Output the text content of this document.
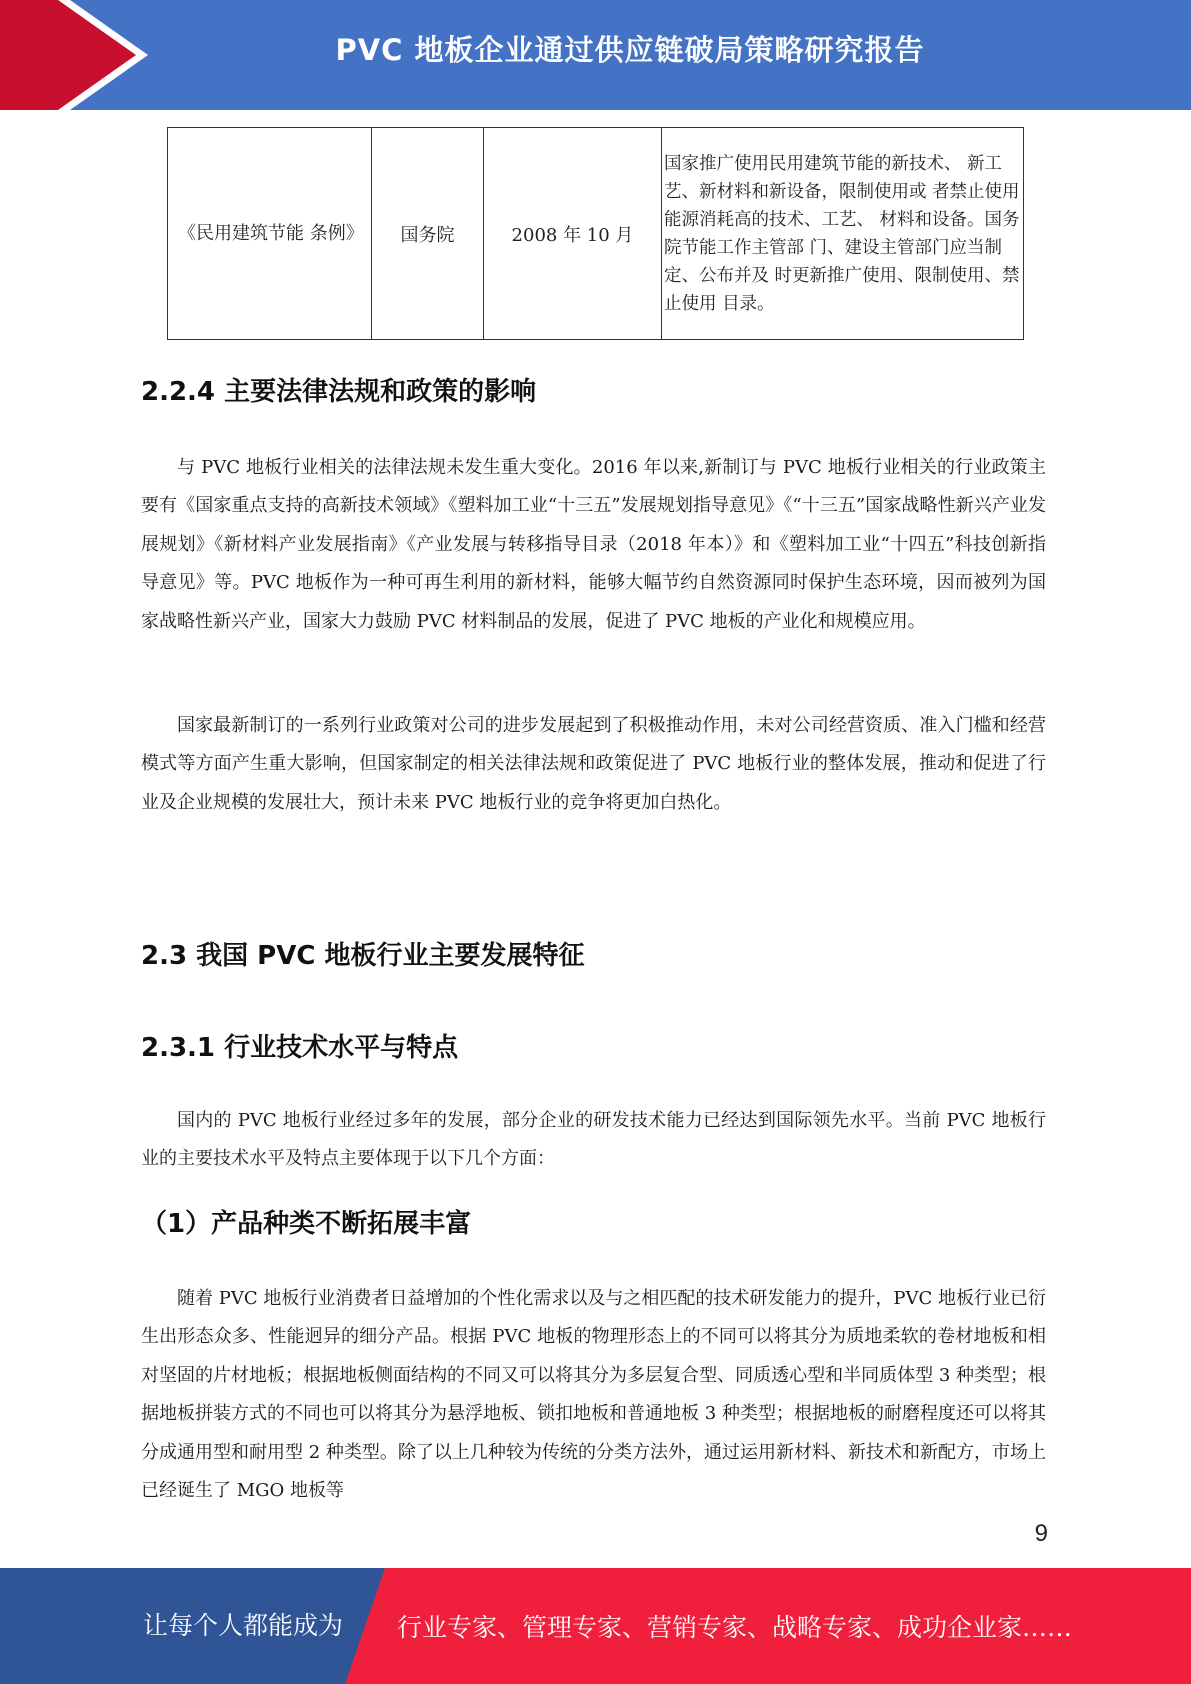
PVC 地板企业通过供应链破局策略研究报告
《民用建筑节能 条例》	国务院	2008 年 10 月	国家推广使用民用建筑节能的新技术、 新工艺、新材料和新设备，限制使用或 者禁止使用能源消耗高的技术、工艺、 材料和设备。国务院节能工作主管部 门、建设主管部门应当制定、公布并及 时更新推广使用、限制使用、禁止使用 目录。
2.2.4 主要法律法规和政策的影响

与 PVC 地板行业相关的法律法规未发生重大变化。2016 年以来,新制订与 PVC 地板行业相关的行业政策主要有《国家重点支持的高新技术领域》《塑料加工业“十三五”发展规划指导意见》《“十三五”国家战略性新兴产业发展规划》《新材料产业发展指南》《产业发展与转移指导目录（2018 年本）》和《塑料加工业“十四五”科技创新指导意见》等。PVC 地板作为一种可再生利用的新材料，能够大幅节约自然资源同时保护生态环境，因而被列为国家战略性新兴产业，国家大力鼓励 PVC 材料制品的发展，促进了 PVC 地板的产业化和规模应用。

国家最新制订的一系列行业政策对公司的进步发展起到了积极推动作用，未对公司经营资质、准入门槛和经营模式等方面产生重大影响，但国家制定的相关法律法规和政策促进了 PVC 地板行业的整体发展，推动和促进了行业及企业规模的发展壮大，预计未来 PVC 地板行业的竞争将更加白热化。

2.3 我国 PVC 地板行业主要发展特征
2.3.1 行业技术水平与特点

国内的 PVC 地板行业经过多年的发展，部分企业的研发技术能力已经达到国际领先水平。当前 PVC 地板行业的主要技术水平及特点主要体现于以下几个方面：

（1）产品种类不断拓展丰富

随着 PVC 地板行业消费者日益增加的个性化需求以及与之相匹配的技术研发能力的提升，PVC 地板行业已衍生出形态众多、性能迥异的细分产品。根据 PVC 地板的物理形态上的不同可以将其分为质地柔软的卷材地板和相对坚固的片材地板；根据地板侧面结构的不同又可以将其分为多层复合型、同质透心型和半同质体型 3 种类型；根据地板拼装方式的不同也可以将其分为悬浮地板、锁扣地板和普通地板 3 种类型；根据地板的耐磨程度还可以将其分成通用型和耐用型 2 种类型。除了以上几种较为传统的分类方法外，通过运用新材料、新技术和新配方，市场上已经诞生了 MGO 地板等

9
让每个人都能成为 行业专家、管理专家、营销专家、战略专家、成功企业家……
